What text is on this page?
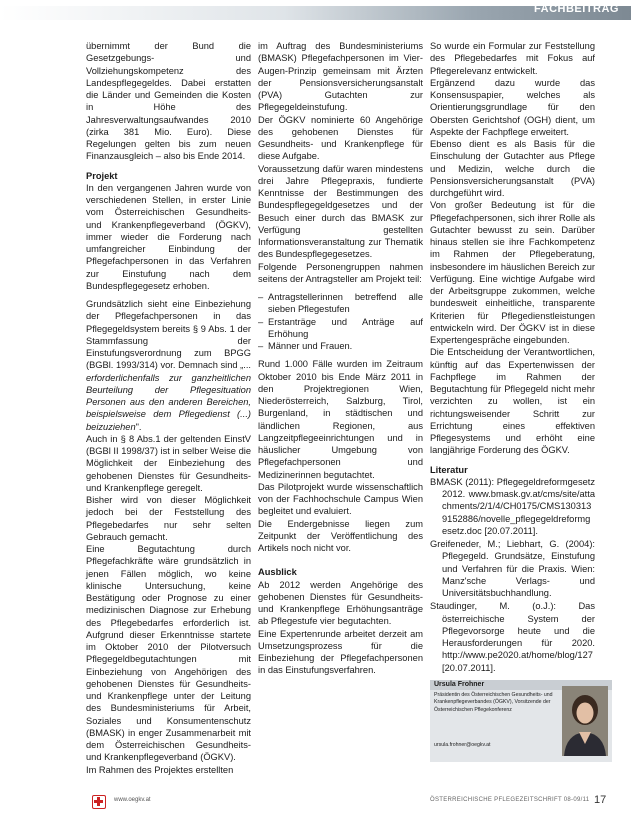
FACHBEITRAG

übernimmt der Bund die Gesetzgebungs- und Vollziehungskompetenz des Landespflegegeldes. Dabei erstatten die Länder und Gemeinden die Kosten in Höhe des Jahresverwaltungsaufwandes 2010 (zirka 381 Mio. Euro). Diese Regelungen gelten bis zum neuen Finanzausgleich – also bis Ende 2014.

Projekt

In den vergangenen Jahren wurde von verschiedenen Stellen, in erster Linie vom Österreichischen Gesundheits- und Krankenpflegeverband (ÖGKV), immer wieder die Forderung nach umfangreicher Einbindung der Pflegefachpersonen in das Verfahren zur Einstufung nach dem Bundespflegegesetz erhoben.

Grundsätzlich sieht eine Einbeziehung der Pflegefachpersonen in das Pflegegeldsystem bereits § 9 Abs. 1 der Stammfassung der Einstufungsverordnung zum BPGG (BGBl. 1993/314) vor. Demnach sind „... erforderlichenfalls zur ganzheitlichen Beurteilung der Pflegesituation Personen aus den anderen Bereichen, beispielsweise dem Pflegedienst (...) beizuziehen".

Auch in § 8 Abs.1 der geltenden EinstV (BGBl II 1998/37) ist in selber Weise die Möglichkeit der Einbeziehung des gehobenen Dienstes für Gesundheits- und Krankenpflege geregelt.

Bisher wird von dieser Möglichkeit jedoch bei der Feststellung des Pflegebedarfes nur sehr selten Gebrauch gemacht.

Eine Begutachtung durch Pflegefachkräfte wäre grundsätzlich in jenen Fällen möglich, wo keine klinische Untersuchung, keine Bestätigung oder Prognose zu einer medizinischen Diagnose zur Erhebung des Pflegebedarfes erforderlich ist. Aufgrund dieser Erkenntnisse startete im Oktober 2010 der Pilotversuch Pflegegeldbegutachtungen mit Einbeziehung von Angehörigen des gehobenen Dienstes für Gesundheits- und Krankenpflege unter der Leitung des Bundesministeriums für Arbeit, Soziales und Konsumentenschutz (BMASK) in enger Zusammenarbeit mit dem Österreichischen Gesundheits- und Krankenpflegeverband (ÖGKV).

Im Rahmen des Projektes erstellten

im Auftrag des Bundesministeriums (BMASK) Pflegefachpersonen im Vier-Augen-Prinzip gemeinsam mit Ärzten der Pensionsversicherungsanstalt (PVA) Gutachten zur Pflegegeldeinstufung.

Der ÖGKV nominierte 60 Angehörige des gehobenen Dienstes für Gesundheits- und Krankenpflege für diese Aufgabe.

Voraussetzung dafür waren mindestens drei Jahre Pflegepraxis, fundierte Kenntnisse der Bestimmungen des Bundespflegegeldgesetzes und der Besuch einer durch das BMASK zur Verfügung gestellten Informationsveranstaltung zur Thematik des Bundespflegegesetzes.

Folgende Personengruppen nahmen seitens der Antragsteller am Projekt teil:

– Antragstellerinnen betreffend alle sieben Pflegestufen
– Erstanträge und Anträge auf Erhöhung
– Männer und Frauen.

Rund 1.000 Fälle wurden im Zeitraum Oktober 2010 bis Ende März 2011 in den Projektregionen Wien, Niederösterreich, Salzburg, Tirol, Burgenland, in städtischen und ländlichen Regionen, aus Langzeitpflegeeinrichtungen und in häuslicher Umgebung von Pflegefachpersonen und Medizinerinnen begutachtet.

Das Pilotprojekt wurde wissenschaftlich von der Fachhochschule Campus Wien begleitet und evaluiert.

Die Endergebnisse liegen zum Zeitpunkt der Veröffentlichung des Artikels noch nicht vor.

Ausblick

Ab 2012 werden Angehörige des gehobenen Dienstes für Gesundheits- und Krankenpflege Erhöhungsanträge ab Pflegestufe vier begutachten.

Eine Expertenrunde arbeitet derzeit am Umsetzungsprozess für die Einbeziehung der Pflegefachpersonen in das Einstufungsverfahren.

So wurde ein Formular zur Feststellung des Pflegebedarfes mit Fokus auf Pflegerelevanz entwickelt.

Ergänzend dazu wurde das Konsensuspapier, welches als Orientierungsgrundlage für den Obersten Gerichtshof (OGH) dient, um Aspekte der Fachpflege erweitert.

Ebenso dient es als Basis für die Einschulung der Gutachter aus Pflege und Medizin, welche durch die Pensionsversicherungsanstalt (PVA) durchgeführt wird.

Von großer Bedeutung ist für die Pflegefachpersonen, sich ihrer Rolle als Gutachter bewusst zu sein. Darüber hinaus stellen sie ihre Fachkompetenz im Rahmen der Pflegeberatung, insbesondere im häuslichen Bereich zur Verfügung. Eine wichtige Aufgabe wird der Arbeitsgruppe zukommen, welche bundesweit einheitliche, transparente Kriterien für Pflegedienstleistungen entwickeln wird. Der ÖGKV ist in diese Expertengespräche eingebunden.

Die Entscheidung der Verantwortlichen, künftig auf das Expertenwissen der Fachpflege im Rahmen der Begutachtung für Pflegegeld nicht mehr verzichten zu wollen, ist ein richtungsweisender Schritt zur Errichtung eines effektiven Pflegesystems und erhöht eine langjährige Forderung des ÖGKV.

Literatur
BMASK (2011): Pflegegeldreformgesetz 2012. www.bmask.gv.at/cms/site/attachments/2/1/4/CH0175/CMS1303139152886/novelle_pflegegeldreformgesetz.doc [20.07.2011].
Greifeneder, M.; Liebhart, G. (2004): Pflegegeld. Grundsätze, Einstufung und Verfahren für die Praxis. Wien: Manz'sche Verlags- und Universitätsbuchhandlung.
Staudinger, M. (o.J.): Das österreichische System der Pflegevorsorge heute und die Herausforderungen für 2020. http://www.pe2020.at/home/blog/127 [20.07.2011].
Ursula Frohner
Präsidentin des Österreichischen Gesundheits- und Krankenpflegeverbandes (ÖGKV), Vorsitzende der Österreichischen Pflegekonferenz
ursula.frohner@oegkv.at
www.oegkv.at	ÖSTERREICHISCHE PFLEGEZEITSCHRIFT 08-09/11 17
